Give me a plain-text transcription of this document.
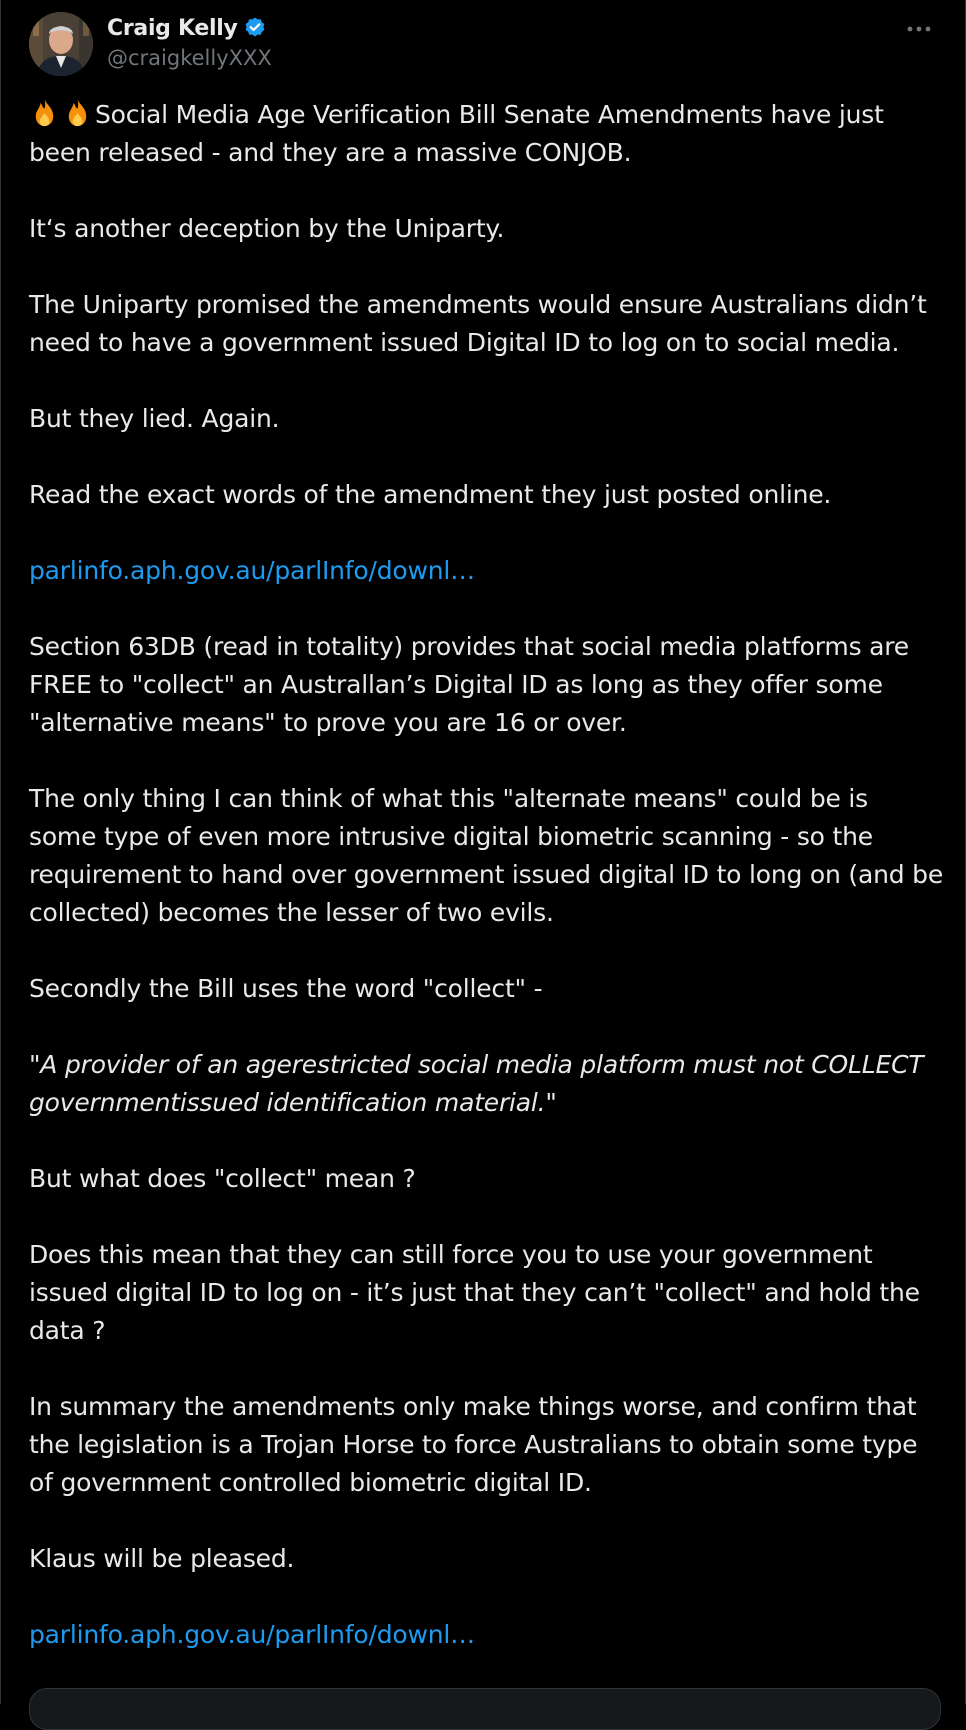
Craig Kelly
@craigkellyXXX

Social Media Age Verification Bill Senate Amendments have just
been released - and they are a massive CONJOB.

It‘s another deception by the Uniparty.

The Uniparty promised the amendments would ensure Australians didn’t
need to have a government issued Digital ID to log on to social media.

But they lied. Again.

Read the exact words of the amendment they just posted online.

parlinfo.aph.gov.au/parlInfo/downl…

Section 63DB (read in totality) provides that social media platforms are
FREE to "collect" an Australlan’s Digital ID as long as they offer some
"alternative means" to prove you are 16 or over.

The only thing I can think of what this "alternate means" could be is
some type of even more intrusive digital biometric scanning - so the
requirement to hand over government issued digital ID to long on (and be
collected) becomes the lesser of two evils.

Secondly the Bill uses the word "collect" -

"A provider of an agerestricted social media platform must not COLLECT
governmentissued identification material."

But what does "collect" mean ?

Does this mean that they can still force you to use your government
issued digital ID to log on - it’s just that they can’t "collect" and hold the
data ?

In summary the amendments only make things worse, and confirm that
the legislation is a Trojan Horse to force Australians to obtain some type
of government controlled biometric digital ID.

Klaus will be pleased.

parlinfo.aph.gov.au/parlInfo/downl…
